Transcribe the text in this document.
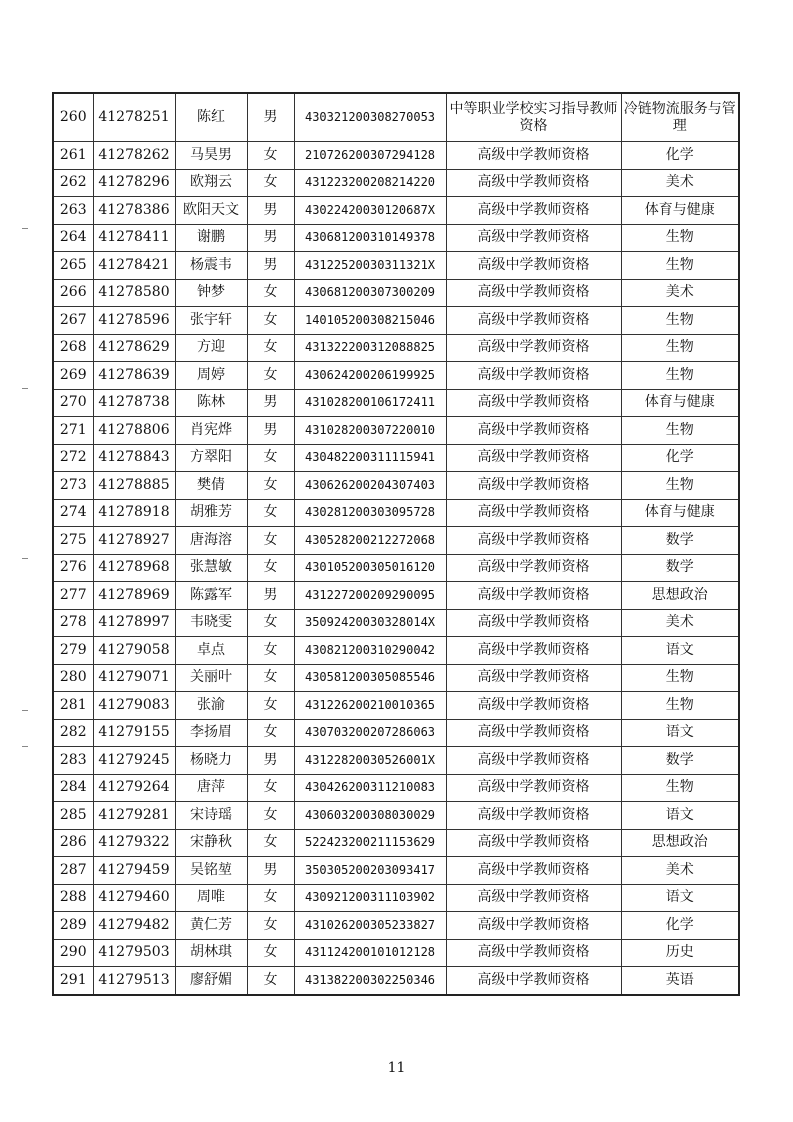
260	41278251	陈红	男	430321200308270053	中等职业学校实习指导教师资格	冷链物流服务与管理
261	41278262	马昊男	女	210726200307294128	高级中学教师资格	化学
262	41278296	欧翔云	女	431223200208214220	高级中学教师资格	美术
263	41278386	欧阳天文	男	43022420030120687X	高级中学教师资格	体育与健康
264	41278411	谢鹏	男	430681200310149378	高级中学教师资格	生物
265	41278421	杨震韦	男	43122520030311321X	高级中学教师资格	生物
266	41278580	钟梦	女	430681200307300209	高级中学教师资格	美术
267	41278596	张宇轩	女	140105200308215046	高级中学教师资格	生物
268	41278629	方迎	女	431322200312088825	高级中学教师资格	生物
269	41278639	周婷	女	430624200206199925	高级中学教师资格	生物
270	41278738	陈林	男	431028200106172411	高级中学教师资格	体育与健康
271	41278806	肖宪烨	男	431028200307220010	高级中学教师资格	生物
272	41278843	方翠阳	女	430482200311115941	高级中学教师资格	化学
273	41278885	樊倩	女	430626200204307403	高级中学教师资格	生物
274	41278918	胡雅芳	女	430281200303095728	高级中学教师资格	体育与健康
275	41278927	唐海溶	女	430528200212272068	高级中学教师资格	数学
276	41278968	张慧敏	女	430105200305016120	高级中学教师资格	数学
277	41278969	陈露军	男	431227200209290095	高级中学教师资格	思想政治
278	41278997	韦晓雯	女	35092420030328014X	高级中学教师资格	美术
279	41279058	卓点	女	430821200310290042	高级中学教师资格	语文
280	41279071	关丽叶	女	430581200305085546	高级中学教师资格	生物
281	41279083	张渝	女	431226200210010365	高级中学教师资格	生物
282	41279155	李扬眉	女	430703200207286063	高级中学教师资格	语文
283	41279245	杨晓力	男	43122820030526001X	高级中学教师资格	数学
284	41279264	唐萍	女	430426200311210083	高级中学教师资格	生物
285	41279281	宋诗瑶	女	430603200308030029	高级中学教师资格	语文
286	41279322	宋静秋	女	522423200211153629	高级中学教师资格	思想政治
287	41279459	吴铭堃	男	350305200203093417	高级中学教师资格	美术
288	41279460	周唯	女	430921200311103902	高级中学教师资格	语文
289	41279482	黄仁芳	女	431026200305233827	高级中学教师资格	化学
290	41279503	胡林琪	女	431124200101012128	高级中学教师资格	历史
291	41279513	廖舒媚	女	431382200302250346	高级中学教师资格	英语
11
